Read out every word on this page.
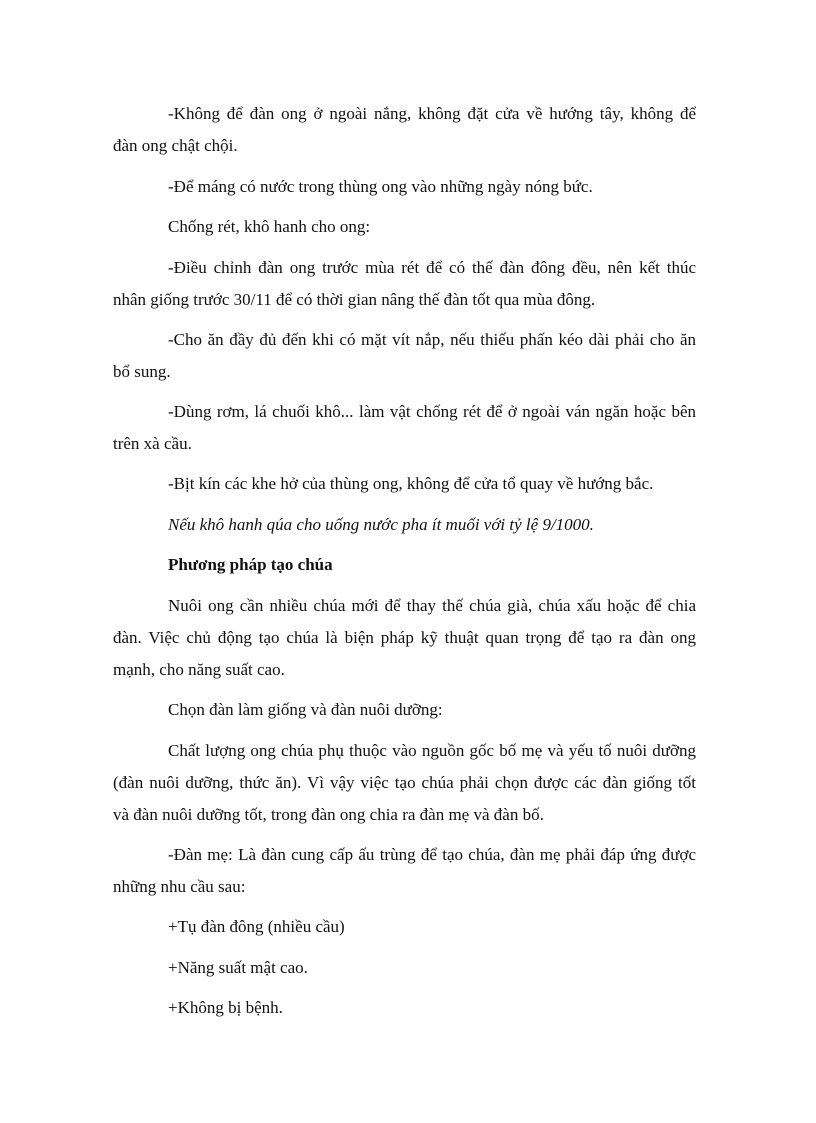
-Không để đàn ong ở ngoài nắng, không đặt cửa về hướng tây, không để
đàn ong chật chội.
-Để máng có nước trong thùng ong vào những ngày nóng bức.
Chống rét, khô hanh cho ong:
-Điều chỉnh đàn ong trước mùa rét để có thế đàn đông đều, nên kết thúc
nhân giống trước 30/11 để có thời gian nâng thế đàn tốt qua mùa đông.
-Cho ăn đầy đủ đến khi có mặt vít nắp, nếu thiếu phấn kéo dài phải cho ăn
bổ sung.
-Dùng rơm, lá chuối khô... làm vật chống rét để ở ngoài ván ngăn hoặc bên
trên xà cầu.
-Bịt kín các khe hở của thùng ong, không để cửa tổ quay về hướng bắc.
Nếu khô hanh qúa cho uống nước pha ít muối với tỷ lệ 9/1000.
Phương pháp tạo chúa
Nuôi ong cần nhiều chúa mới để thay thế chúa già, chúa xấu hoặc để chia
đàn. Việc chủ động tạo chúa là biện pháp kỹ thuật quan trọng để tạo ra đàn ong
mạnh, cho năng suất cao.
Chọn đàn làm giống và đàn nuôi dưỡng:
Chất lượng ong chúa phụ thuộc vào nguồn gốc bố mẹ và yếu tố nuôi dưỡng
(đàn nuôi dưỡng, thức ăn). Vì vậy việc tạo chúa phải chọn được các đàn giống tốt
và đàn nuôi dưỡng tốt, trong đàn ong chia ra đàn mẹ và đàn bố.
-Đàn mẹ: Là đàn cung cấp ấu trùng để tạo chúa, đàn mẹ phải đáp ứng được
những nhu cầu sau:
+Tụ đàn đông (nhiều cầu)
+Năng suất mật cao.
+Không bị bệnh.
